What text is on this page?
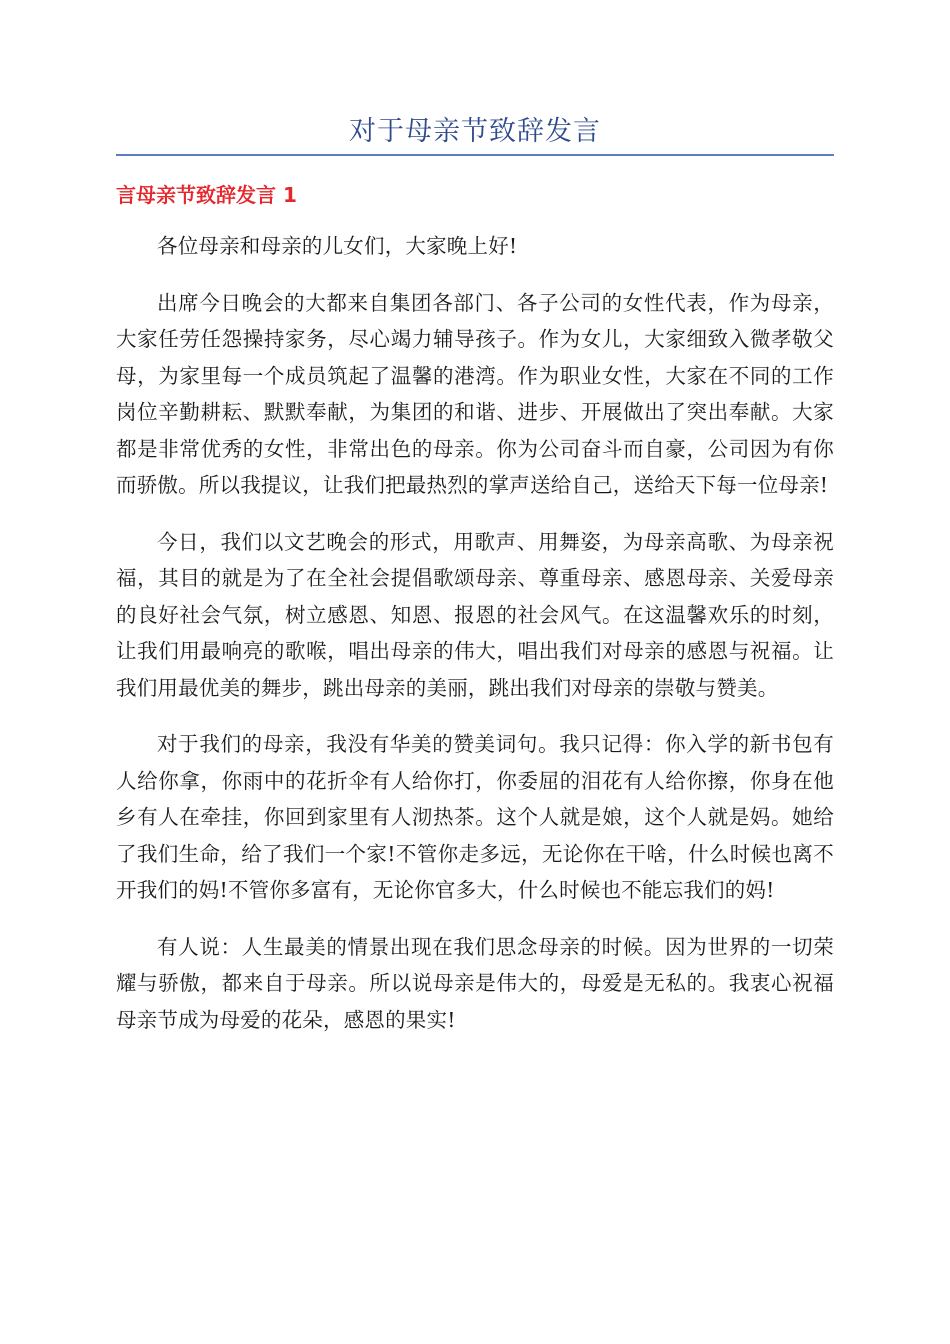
对于母亲节致辞发言
言母亲节致辞发言 1

各位母亲和母亲的儿女们，大家晚上好!

出席今日晚会的大都来自集团各部门、各子公司的女性代表，作为母亲，大家任劳任怨操持家务，尽心竭力辅导孩子。作为女儿，大家细致入微孝敬父母，为家里每一个成员筑起了温馨的港湾。作为职业女性，大家在不同的工作岗位辛勤耕耘、默默奉献，为集团的和谐、进步、开展做出了突出奉献。大家都是非常优秀的女性，非常出色的母亲。你为公司奋斗而自豪，公司因为有你而骄傲。所以我提议，让我们把最热烈的掌声送给自己，送给天下每一位母亲!

今日，我们以文艺晚会的形式，用歌声、用舞姿，为母亲高歌、为母亲祝福，其目的就是为了在全社会提倡歌颂母亲、尊重母亲、感恩母亲、关爱母亲的良好社会气氛，树立感恩、知恩、报恩的社会风气。在这温馨欢乐的时刻，让我们用最响亮的歌喉，唱出母亲的伟大，唱出我们对母亲的感恩与祝福。让我们用最优美的舞步，跳出母亲的美丽，跳出我们对母亲的崇敬与赞美。

对于我们的母亲，我没有华美的赞美词句。我只记得：你入学的新书包有人给你拿，你雨中的花折伞有人给你打，你委屈的泪花有人给你擦，你身在他乡有人在牵挂，你回到家里有人沏热茶。这个人就是娘，这个人就是妈。她给了我们生命，给了我们一个家!不管你走多远，无论你在干啥，什么时候也离不开我们的妈!不管你多富有，无论你官多大，什么时候也不能忘我们的妈!

有人说：人生最美的情景出现在我们思念母亲的时候。因为世界的一切荣耀与骄傲，都来自于母亲。所以说母亲是伟大的，母爱是无私的。我衷心祝福母亲节成为母爱的花朵，感恩的果实!
